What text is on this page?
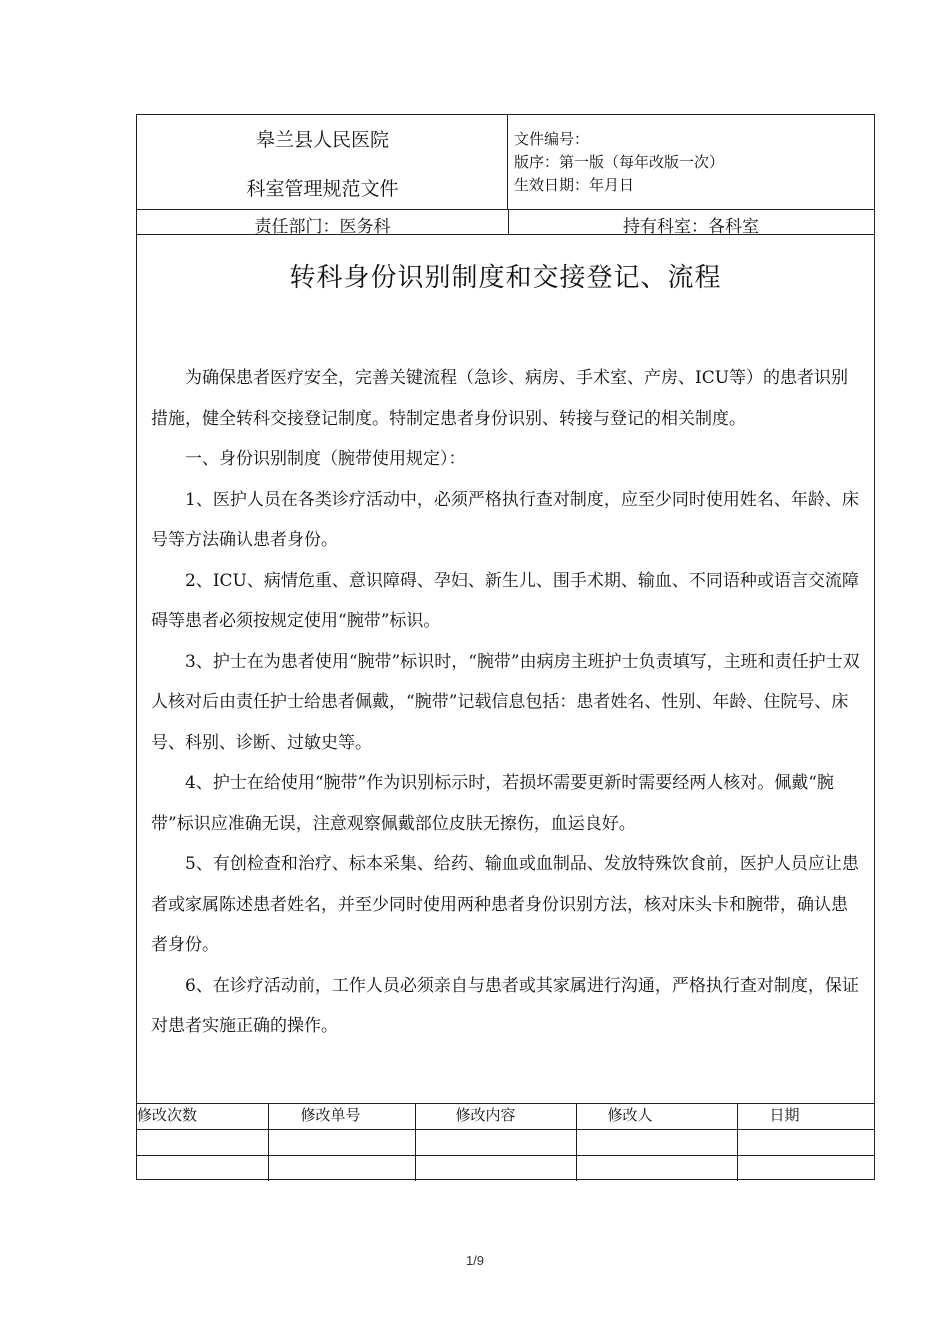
皋兰县人民医院
科室管理规范文件
文件编号：
版序：第一版（每年改版一次）
生效日期：年月日
责任部门：医务科	持有科室：各科室
转科身份识别制度和交接登记、流程

为确保患者医疗安全，完善关键流程（急诊、病房、手术室、产房、ICU等）的患者识别措施，健全转科交接登记制度。特制定患者身份识别、转接与登记的相关制度。

一、身份识别制度（腕带使用规定）：

1、医护人员在各类诊疗活动中，必须严格执行查对制度，应至少同时使用姓名、年龄、床号等方法确认患者身份。

2、ICU、病情危重、意识障碍、孕妇、新生儿、围手术期、输血、不同语种或语言交流障碍等患者必须按规定使用“腕带”标识。

3、护士在为患者使用“腕带”标识时，“腕带”由病房主班护士负责填写，主班和责任护士双人核对后由责任护士给患者佩戴，“腕带”记载信息包括：患者姓名、性别、年龄、住院号、床号、科别、诊断、过敏史等。

4、护士在给使用“腕带”作为识别标示时，若损坏需要更新时需要经两人核对。佩戴“腕带”标识应准确无误，注意观察佩戴部位皮肤无擦伤，血运良好。

5、有创检查和治疗、标本采集、给药、输血或血制品、发放特殊饮食前，医护人员应让患者或家属陈述患者姓名，并至少同时使用两种患者身份识别方法，核对床头卡和腕带，确认患者身份。

6、在诊疗活动前，工作人员必须亲自与患者或其家属进行沟通，严格执行查对制度，保证对患者实施正确的操作。

修改次数	修改单号	修改内容	修改人	日期

1/9
